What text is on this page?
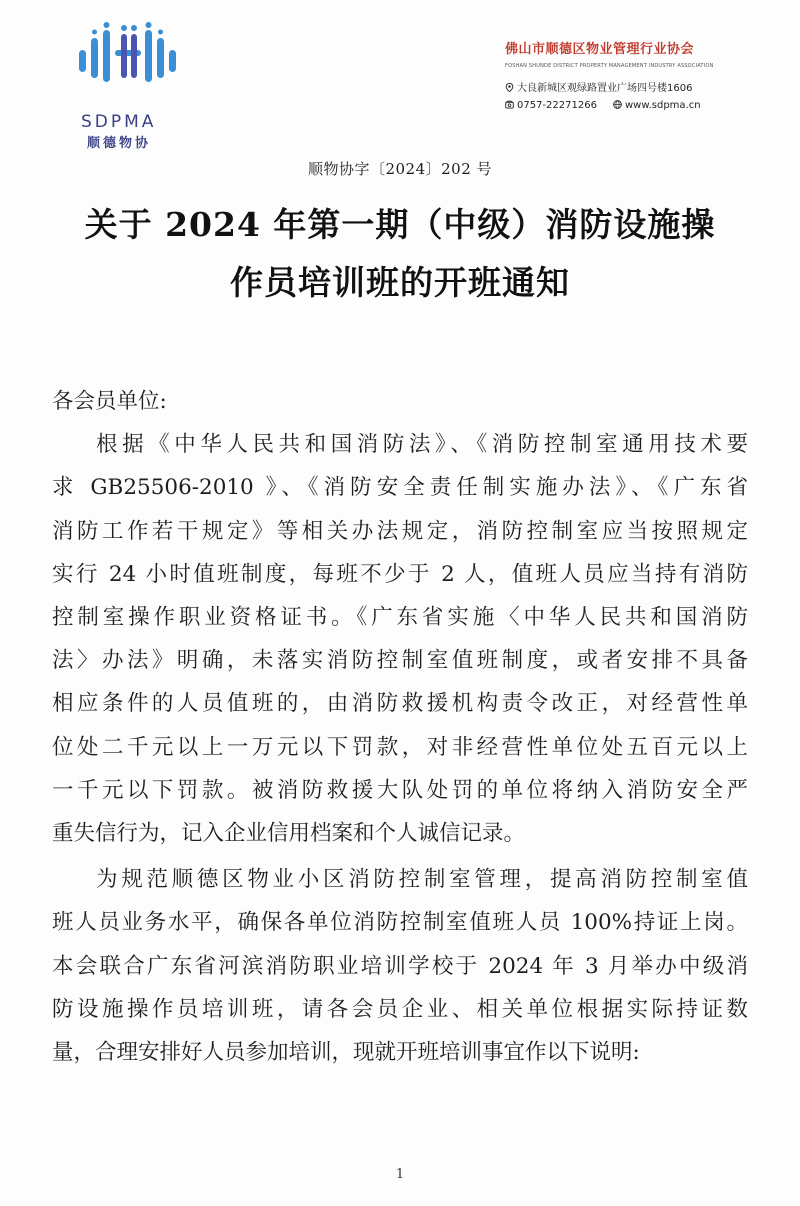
SDPMA
顺德物协
佛山市顺德区物业管理行业协会
FOSHAN SHUNDE DISTRICT PROPERTY MANAGEMENT INDUSTRY ASSOCIATION
大良新城区观绿路置业广场四号楼1606
0757-22271266	www.sdpma.cn
顺物协字〔2024〕202 号
关于 2024 年第一期（中级）消防设施操
作员培训班的开班通知
各会员单位:
根据《中华人民共和国消防法》、《消防控制室通用技术要
求 GB25506-2010 》、《消防安全责任制实施办法》、《广东省
消防工作若干规定》等相关办法规定，消防控制室应当按照规定
实行 24 小时值班制度，每班不少于 2 人，值班人员应当持有消防
控制室操作职业资格证书。《广东省实施〈中华人民共和国消防
法〉办法》明确，未落实消防控制室值班制度，或者安排不具备
相应条件的人员值班的，由消防救援机构责令改正，对经营性单
位处二千元以上一万元以下罚款，对非经营性单位处五百元以上
一千元以下罚款。被消防救援大队处罚的单位将纳入消防安全严
重失信行为，记入企业信用档案和个人诚信记录。
为规范顺德区物业小区消防控制室管理，提高消防控制室值
班人员业务水平，确保各单位消防控制室值班人员 100%持证上岗。
本会联合广东省河滨消防职业培训学校于 2024 年 3 月举办中级消
防设施操作员培训班，请各会员企业、相关单位根据实际持证数
量，合理安排好人员参加培训，现就开班培训事宜作以下说明:
1
